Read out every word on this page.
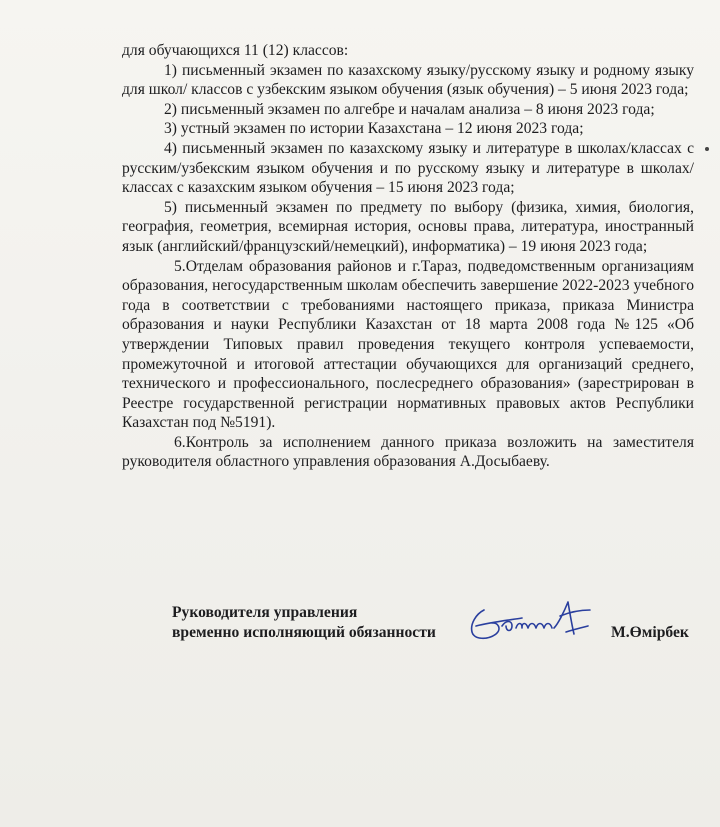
для обучающихся 11 (12) классов:

1) письменный экзамен по казахскому языку/русскому языку и родному языку для школ/ классов с узбекским языком обучения (язык обучения) – 5 июня 2023 года;

2) письменный экзамен по алгебре и началам анализа – 8 июня 2023 года;

3) устный экзамен по истории Казахстана – 12 июня 2023 года;

4) письменный экзамен по казахскому языку и литературе в школах/классах с русским/узбекским языком обучения и по русскому языку и литературе в школах/классах с казахским языком обучения – 15 июня 2023 года;

5) письменный экзамен по предмету по выбору (физика, химия, биология, география, геометрия, всемирная история, основы права, литература, иностранный язык (английский/французский/немецкий), информатика) – 19 июня 2023 года;

5.Отделам образования районов и г.Тараз, подведомственным организациям образования, негосударственным школам обеспечить завершение 2022-2023 учебного года в соответствии с требованиями настоящего приказа, приказа Министра образования и науки Республики Казахстан от 18 марта 2008 года №125 «Об утверждении Типовых правил проведения текущего контроля успеваемости, промежуточной и итоговой аттестации обучающихся для организаций среднего, технического и профессионального, послесреднего образования» (зарестрирован в Реестре государственной регистрации нормативных правовых актов Республики Казахстан под №5191).

6.Контроль за исполнением данного приказа возложить на заместителя руководителя областного управления образования А.Досыбаеву.

Руководителя управления
временно исполняющий обязанности	М.Өмірбек
